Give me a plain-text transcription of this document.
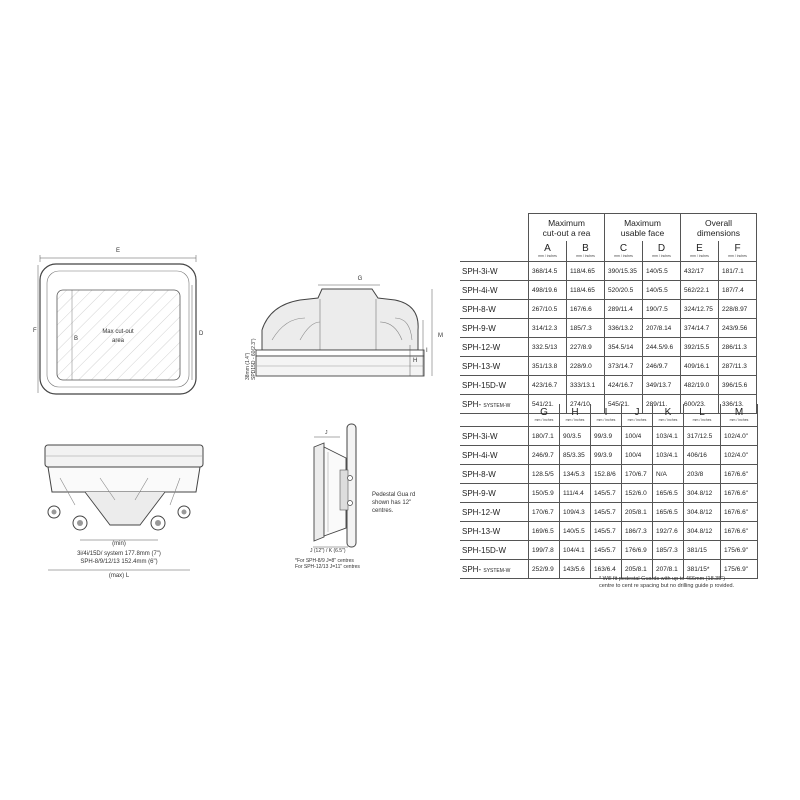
E
F	D
B
Max cut-out
area
G
H
I
M
38mm (1.4") SPD15D - 60(2.3")
(min)
3i/4i/15D/ system 177.8mm (7")
SPH-8/9/12/13 152.4mm (6")
(max) L
J
Pedestal Gua rd
shown has 12"
centres.
J (12") / K (6.5")
*For SPH-8/9 J=8" centres
For SPH-12/13 J=11" centres
	Maximum
cut-out a rea		Maximum
usable face		Overall
dimensions	

	A
mm / inches	B
mm / inches	C
mm / inches	D
mm / inches	E
mm / inches	F
mm / inches

SPH-3i-W	368/14.5	118/4.65	390/15.35	140/5.5	432/17	181/7.1
SPH-4i-W	498/19.6	118/4.65	520/20.5	140/5.5	562/22.1	187/7.4
SPH-8-W	267/10.5	167/6.6	289/11.4	190/7.5	324/12.75	228/8.97
SPH-9-W	314/12.3	185/7.3	336/13.2	207/8.14	374/14.7	243/9.56
SPH-12-W	332.5/13	227/8.9	354.5/14	244.5/9.6	392/15.5	286/11.3
SPH-13-W	351/13.8	228/9.0	373/14.7	246/9.7	409/16.1	287/11.3
SPH-15D-W	423/16.7	333/13.1	424/16.7	349/13.7	482/19.0	396/15.6
SPH- SYSTEM-W	541/21.	274/10.	545/21.	289/11.	600/23.	336/13.

	G
mm / inches	H
mm / inches	I
mm / inches	J
mm / inches	K
mm / inches	L
mm / inches	M
mm / inches

SPH-3i-W	180/7.1	90/3.5	99/3.9	100/4	103/4.1	317/12.5	102/4.0"
SPH-4i-W	246/9.7	85/3.35	99/3.9	100/4	103/4.1	406/16	102/4.0"
SPH-8-W	128.5/5	134/5.3	152.8/6	170/6.7	N/A	203/8	167/6.6"
SPH-9-W	150/5.9	111/4.4	145/5.7	152/6.0	165/6.5	304.8/12	167/6.6"
SPH-12-W	170/6.7	109/4.3	145/5.7	205/8.1	165/6.5	304.8/12	167/6.6"
SPH-13-W	169/6.5	140/5.5	145/5.7	186/7.3	192/7.6	304.8/12	167/6.6"
SPH-15D-W	199/7.8	104/4.1	145/5.7	176/6.9	185/7.3	381/15	175/6.9"
SPH- SYSTEM-W	252/9.9	143/5.6	163/6.4	205/8.1	207/8.1	381/15*	175/6.9"
* Will fit pedestal Guards with up to 466mm (18.35")
centre to cent re spacing but no drilling guide p rovided.
